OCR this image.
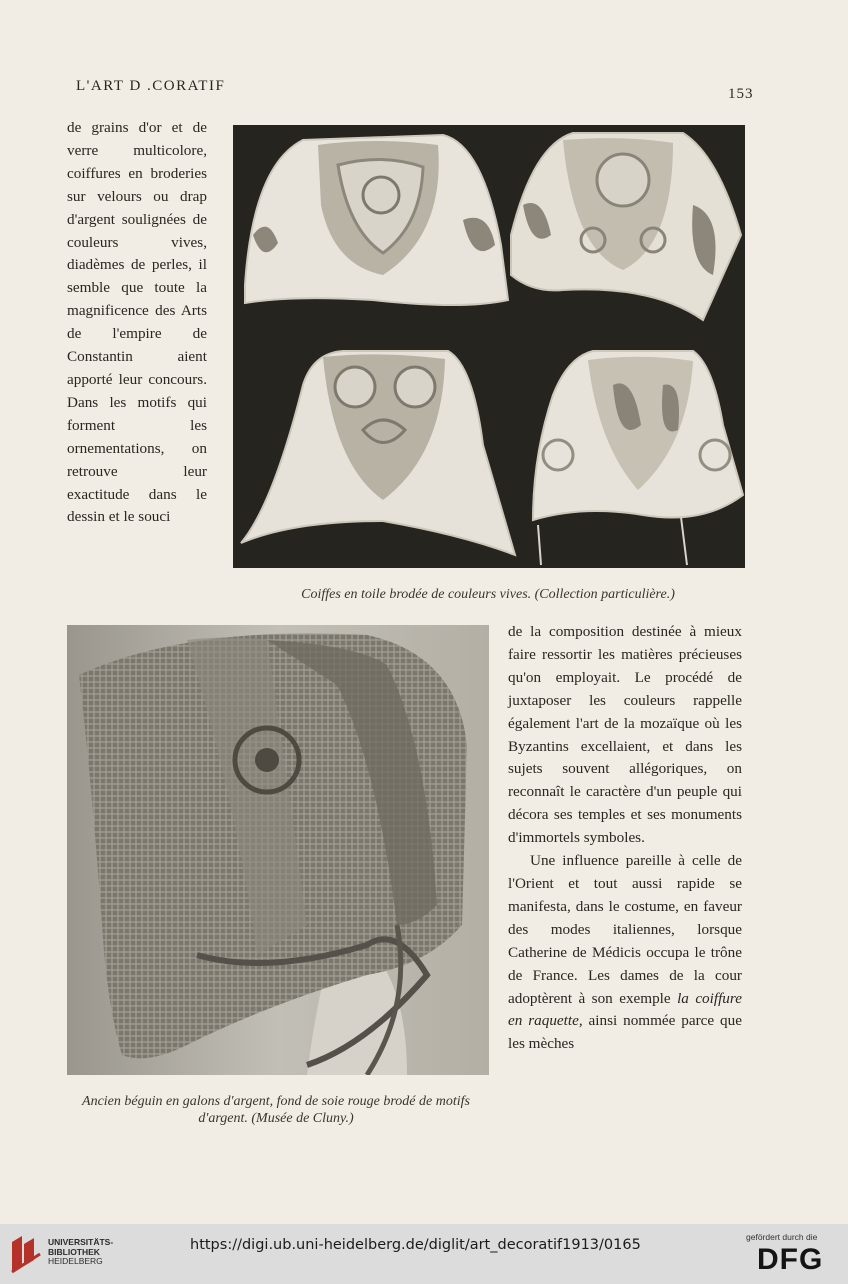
L'ART D .CORATIF	153

de grains d'or et de verre multicolore, coiffures en broderies sur velours ou drap d'argent soulignées de couleurs vives, diadèmes de perles, il semble que toute la magnificence des Arts de l'empire de Constantin aient apporté leur concours. Dans les motifs qui forment les ornementations, on retrouve leur exactitude dans le dessin et le souci

Coiffes en toile brodée de couleurs vives. (Collection particulière.)
Ancien béguin en galons d'argent, fond de soie rouge brodé de motifs d'argent. (Musée de Cluny.)

de la composition destinée à mieux faire ressortir les matières précieuses qu'on employait. Le procédé de juxtaposer les couleurs rappelle également l'art de la mozaïque où les Byzantins excellaient, et dans les sujets souvent allégoriques, on reconnaît le caractère d'un peuple qui décora ses temples et ses monuments d'immortels symboles.

Une influence pareille à celle de l'Orient et tout aussi rapide se manifesta, dans le costume, en faveur des modes italiennes, lorsque Catherine de Médicis occupa le trône de France. Les dames de la cour adoptèrent à son exemple la coiffure en raquette, ainsi nommée parce que les mèches

UNIVERSITÄTS-
BIBLIOTHEK
HEIDELBERG
https://digi.ub.uni-heidelberg.de/diglit/art_decoratif1913/0165	gefördert durch die
DFG
